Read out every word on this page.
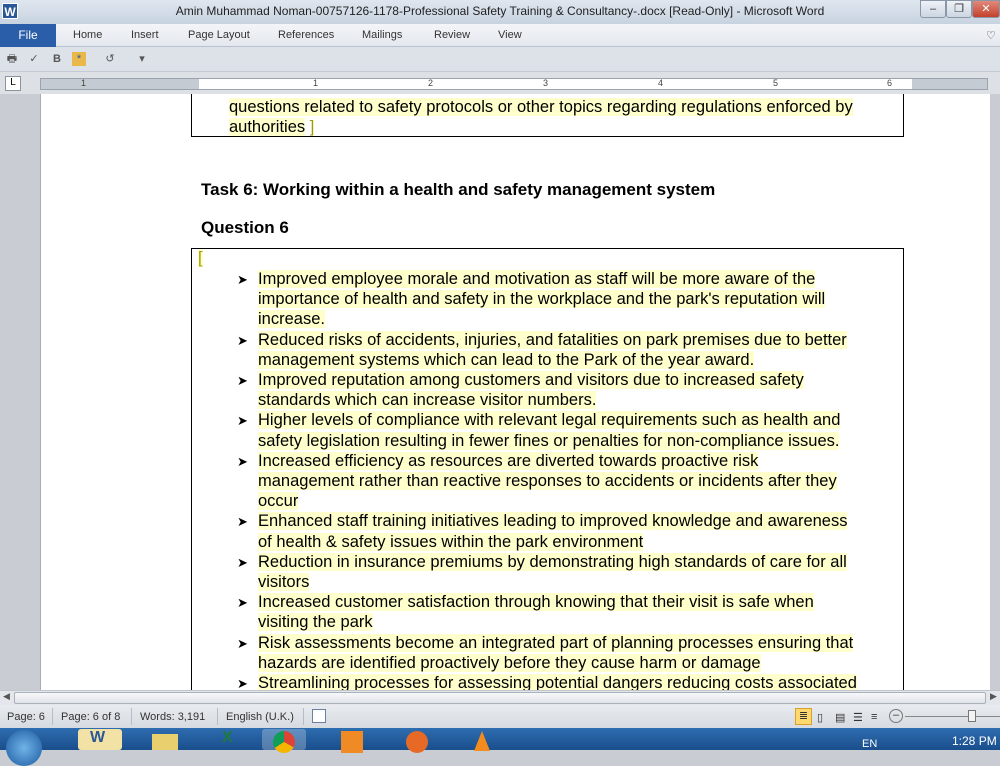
W	Amin Muhammad Noman-00757126-1178-Professional Safety Training & Consultancy-.docx [Read-Only] - Microsoft Word	–	❐	✕
Home	Insert	Page Layout	References	Mailings	Review	View	♡
File
🖶 ✓ B	*	↺	▾
L	1	1	2	3	4	5	6
questions related to safety protocols or other topics regarding regulations enforced by
authorities ]
Task 6: Working within a health and safety management system
Question 6
[
➤ Improved employee morale and motivation as staff will be more aware of the
importance of health and safety in the workplace and the park's reputation will
increase.
➤ Reduced risks of accidents, injuries, and fatalities on park premises due to better
management systems which can lead to the Park of the year award.
➤ Improved reputation among customers and visitors due to increased safety
standards which can increase visitor numbers.
➤ Higher levels of compliance with relevant legal requirements such as health and
safety legislation resulting in fewer fines or penalties for non-compliance issues.
➤ Increased efficiency as resources are diverted towards proactive risk
management rather than reactive responses to accidents or incidents after they
occur
➤ Enhanced staff training initiatives leading to improved knowledge and awareness
of health & safety issues within the park environment
➤ Reduction in insurance premiums by demonstrating high standards of care for all
visitors
➤ Increased customer satisfaction through knowing that their visit is safe when
visiting the park
➤ Risk assessments become an integrated part of planning processes ensuring that
hazards are identified proactively before they cause harm or damage
➤ Streamlining processes for assessing potential dangers reducing costs associated
◀	▶
Page: 6 Page: 6 of 8 Words: 3,191 English (U.K.)	≣ ▯ ▤ ☰ ≡	–
W	X	EN	1:28 PM
